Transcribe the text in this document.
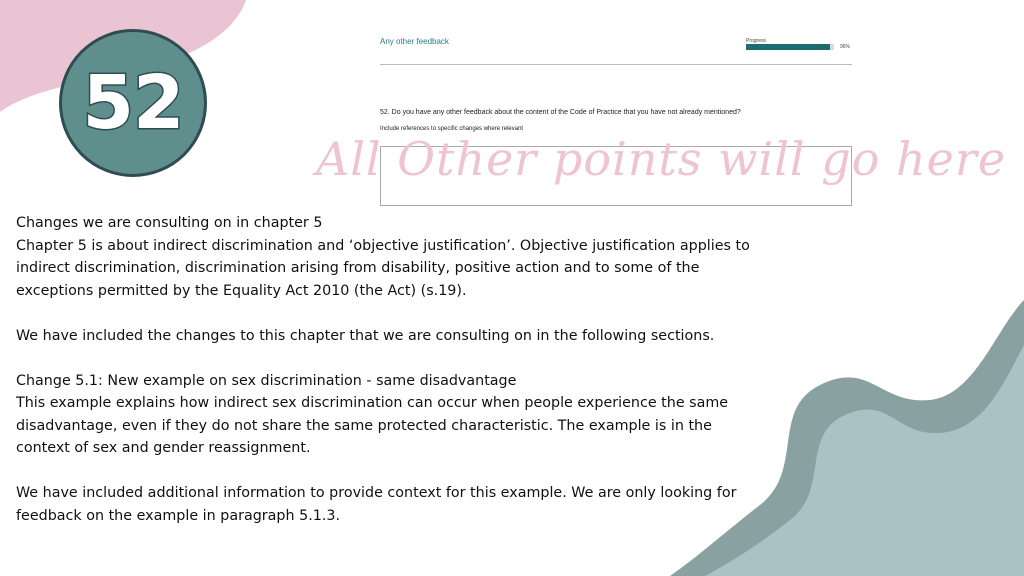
52
Any other feedback	Progress
96%
52. Do you have any other feedback about the content of the Code of Practice that you have not already mentioned?
Include references to specific changes where relevant
All Other points will go here

Changes we are consulting on in chapter 5
Chapter 5 is about indirect discrimination and ‘objective justification’. Objective justification applies to indirect discrimination, discrimination arising from disability, positive action and to some of the exceptions permitted by the Equality Act 2010 (the Act) (s.19).

We have included the changes to this chapter that we are consulting on in the following sections.

Change 5.1: New example on sex discrimination - same disadvantage
This example explains how indirect sex discrimination can occur when people experience the same disadvantage, even if they do not share the same protected characteristic. The example is in the context of sex and gender reassignment.

We have included additional information to provide context for this example. We are only looking for feedback on the example in paragraph 5.1.3.
